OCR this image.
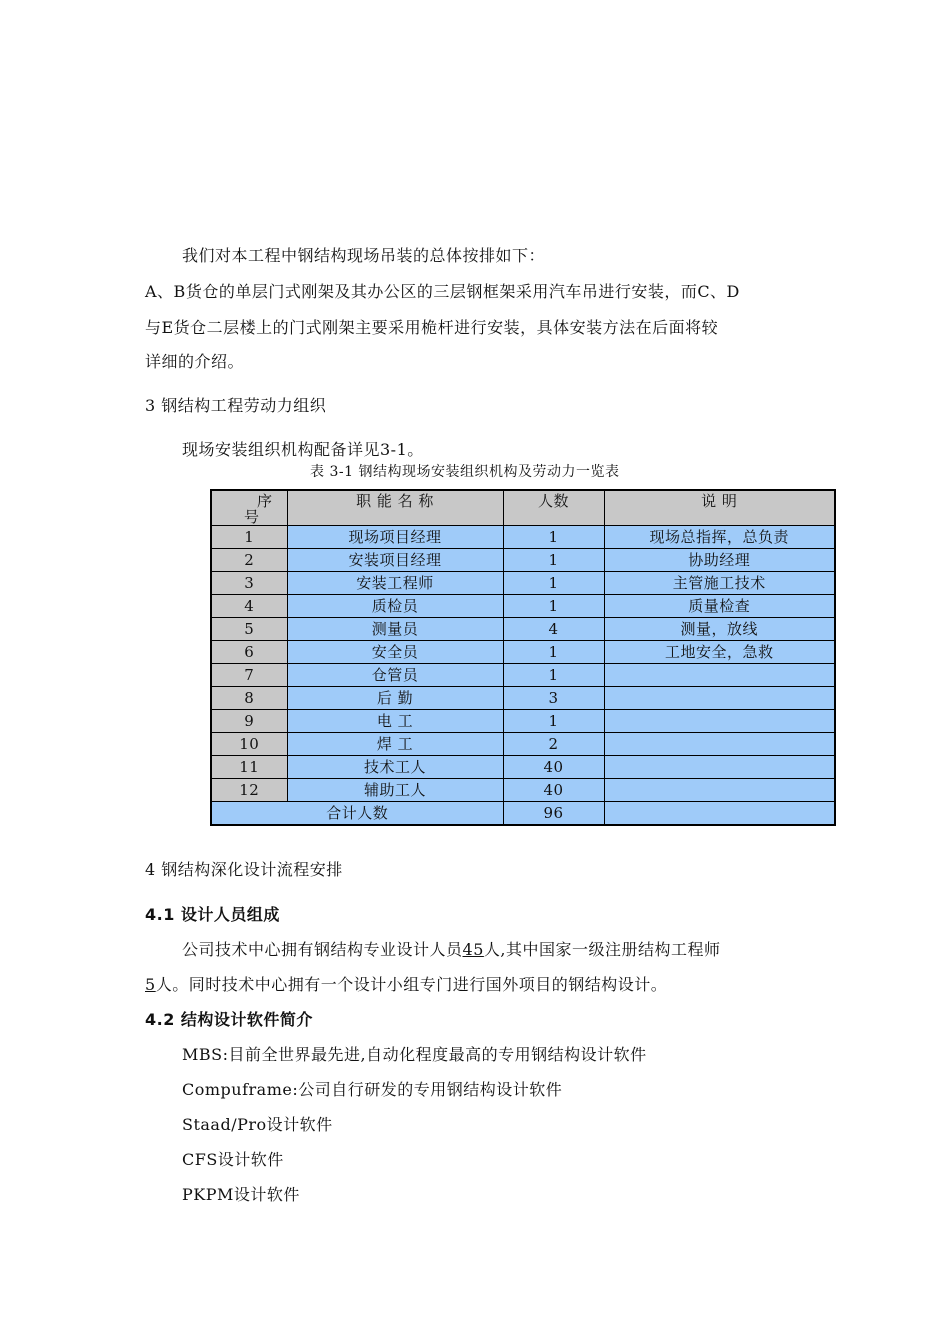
我们对本工程中钢结构现场吊装的总体按排如下：
A、B货仓的单层门式刚架及其办公区的三层钢框架采用汽车吊进行安装，而C、D
与E货仓二层楼上的门式刚架主要采用桅杆进行安装，具体安装方法在后面将较
详细的介绍。
3 钢结构工程劳动力组织
现场安装组织机构配备详见3-1。
表 3-1 钢结构现场安装组织机构及劳动力一览表
序
号	职 能 名 称	人数	说 明
1	现场项目经理	1	现场总指挥，总负责
2	安装项目经理	1	协助经理
3	安装工程师	1	主管施工技术
4	质检员	1	质量检查
5	测量员	4	测量，放线
6	安全员	1	工地安全，急救
7	仓管员	1	
8	后 勤	3	
9	电 工	1	
10	焊 工	2	
11	技术工人	40	
12	辅助工人	40	
合计人数		96	
4 钢结构深化设计流程安排
4.1 设计人员组成
公司技术中心拥有钢结构专业设计人员45人,其中国家一级注册结构工程师
5人。同时技术中心拥有一个设计小组专门进行国外项目的钢结构设计。
4.2 结构设计软件简介
MBS:目前全世界最先进,自动化程度最高的专用钢结构设计软件
Compuframe:公司自行研发的专用钢结构设计软件
Staad/Pro设计软件
CFS设计软件
PKPM设计软件
